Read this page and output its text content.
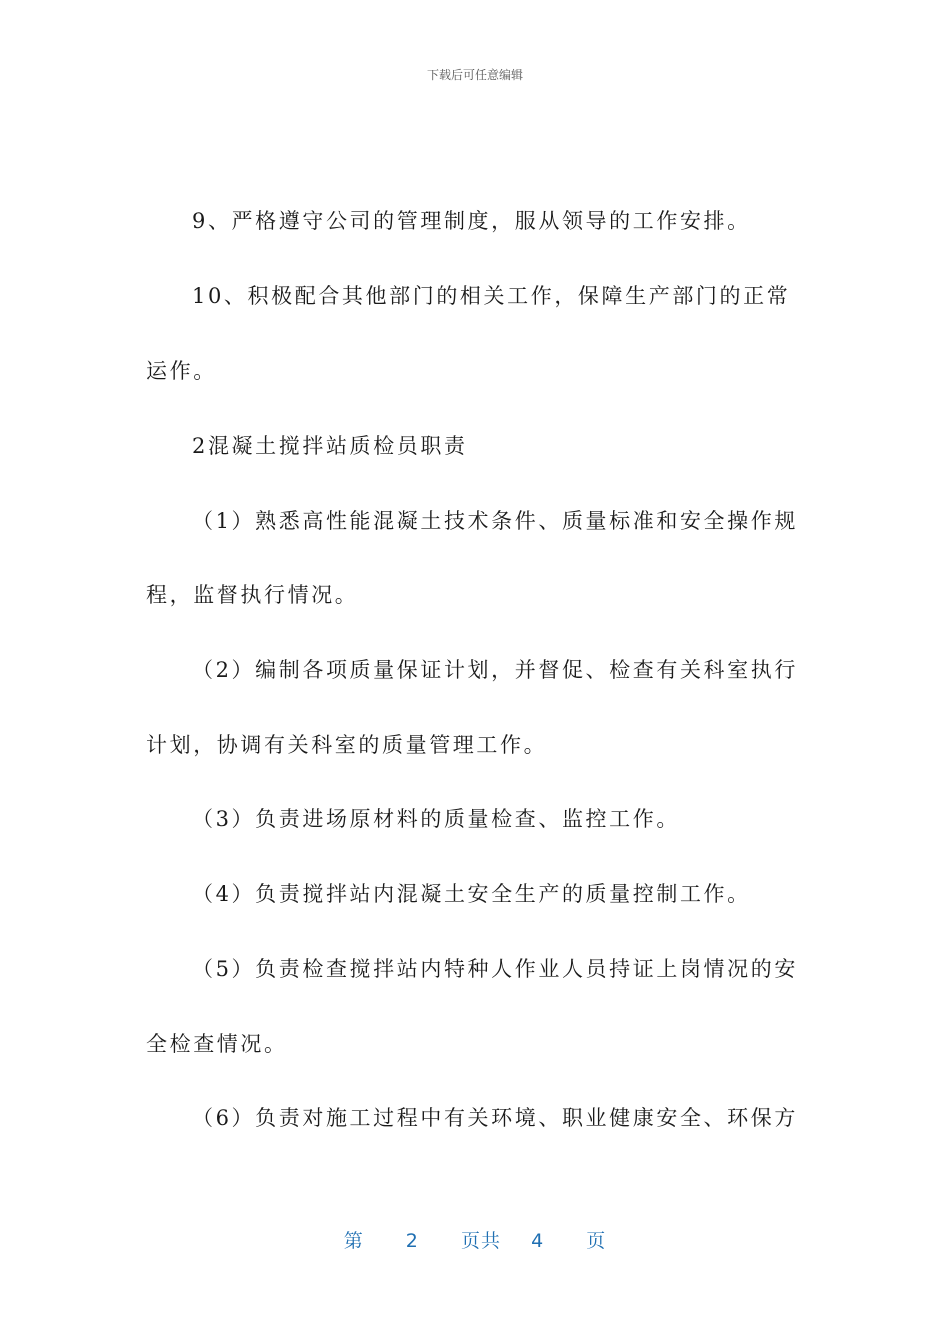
下载后可任意编辑
9、严格遵守公司的管理制度，服从领导的工作安排。
10、积极配合其他部门的相关工作，保障生产部门的正常
运作。
2混凝土搅拌站质检员职责
（1）熟悉高性能混凝土技术条件、质量标准和安全操作规
程，监督执行情况。
（2）编制各项质量保证计划，并督促、检查有关科室执行
计划，协调有关科室的质量管理工作。
（3）负责进场原材料的质量检查、监控工作。
（4）负责搅拌站内混凝土安全生产的质量控制工作。
（5）负责检查搅拌站内特种人作业人员持证上岗情况的安
全检查情况。
（6）负责对施工过程中有关环境、职业健康安全、环保方
第 2 页共 4 页
